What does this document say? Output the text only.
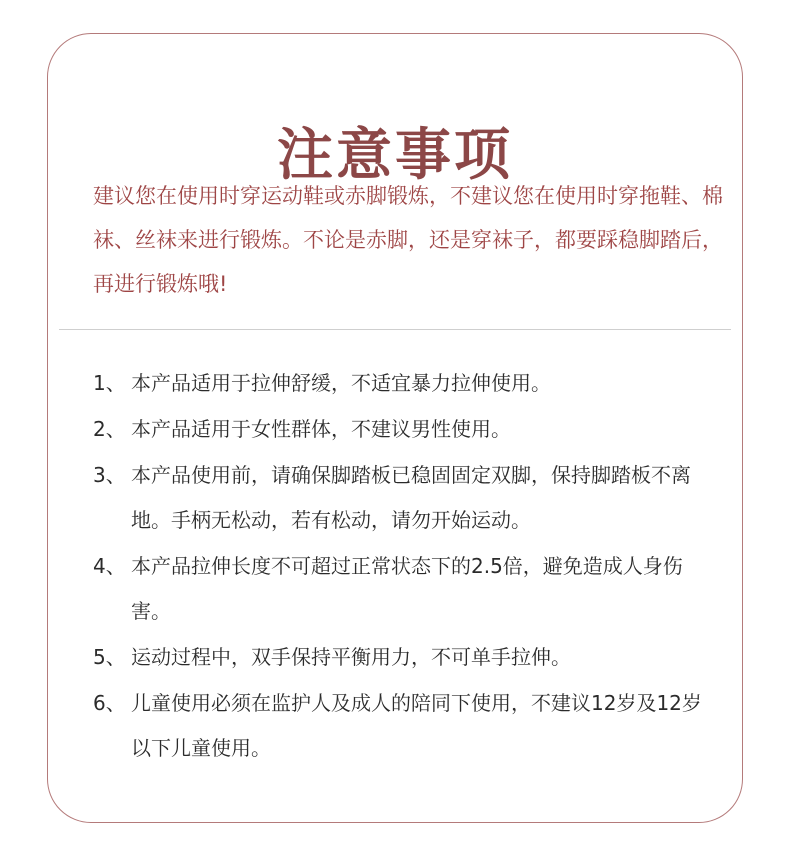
注意事项

建议您在使用时穿运动鞋或赤脚锻炼，不建议您在使用时穿拖鞋、棉袜、丝袜来进行锻炼。不论是赤脚，还是穿袜子，都要踩稳脚踏后，再进行锻炼哦!

1、 本产品适用于拉伸舒缓，不适宜暴力拉伸使用。
2、 本产品适用于女性群体，不建议男性使用。
3、 本产品使用前，请确保脚踏板已稳固固定双脚，保持脚踏板不离地。手柄无松动，若有松动，请勿开始运动。
4、 本产品拉伸长度不可超过正常状态下的2.5倍，避免造成人身伤害。
5、 运动过程中，双手保持平衡用力，不可单手拉伸。
6、 儿童使用必须在监护人及成人的陪同下使用，不建议12岁及12岁以下儿童使用。
